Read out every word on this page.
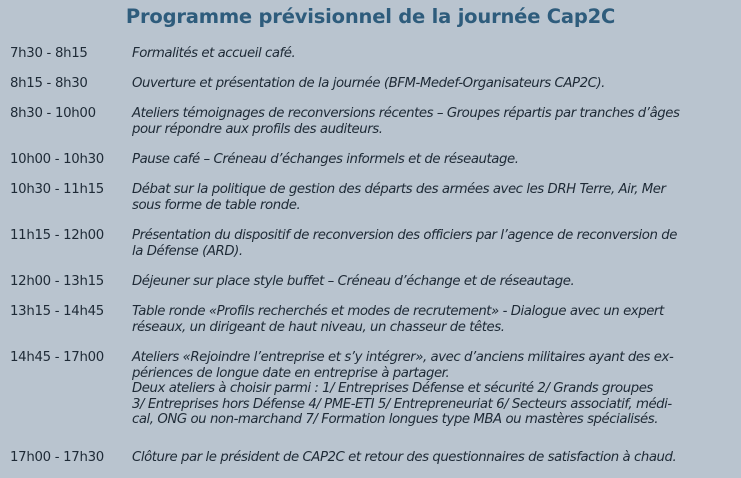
Programme prévisionnel de la journée Cap2C
7h30 - 8h15	Formalités et accueil café.
8h15 - 8h30	Ouverture et présentation de la journée (BFM-Medef-Organisateurs CAP2C).
8h30 - 10h00	Ateliers témoignages de reconversions récentes – Groupes répartis par tranches d’âges
pour répondre aux profils des auditeurs.
10h00 - 10h30	Pause café – Créneau d’échanges informels et de réseautage.
10h30 - 11h15	Débat sur la politique de gestion des départs des armées avec les DRH Terre, Air, Mer
sous forme de table ronde.
11h15 - 12h00	Présentation du dispositif de reconversion des officiers par l’agence de reconversion de
la Défense (ARD).
12h00 - 13h15	Déjeuner sur place style buffet – Créneau d’échange et de réseautage.
13h15 - 14h45	Table ronde «Profils recherchés et modes de recrutement» - Dialogue avec un expert
réseaux, un dirigeant de haut niveau, un chasseur de têtes.
14h45 - 17h00	Ateliers «Rejoindre l’entreprise et s’y intégrer», avec d’anciens militaires ayant des ex-
périences de longue date en entreprise à partager.
Deux ateliers à choisir parmi : 1/ Entreprises Défense et sécurité 2/ Grands groupes
3/ Entreprises hors Défense 4/ PME-ETI 5/ Entrepreneuriat 6/ Secteurs associatif, médi-
cal, ONG ou non-marchand 7/ Formation longues type MBA ou mastères spécialisés.
17h00 - 17h30	Clôture par le président de CAP2C et retour des questionnaires de satisfaction à chaud.
